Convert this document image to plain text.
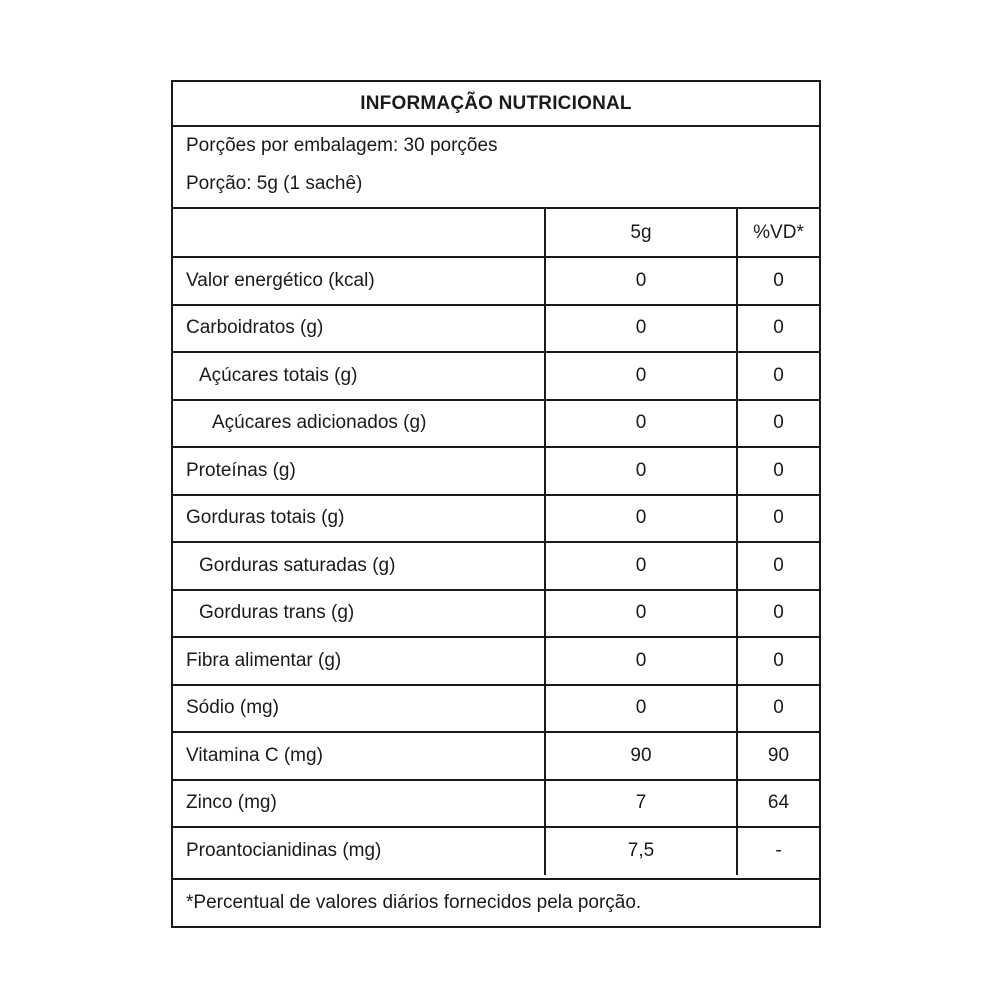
INFORMAÇÃO NUTRICIONAL
Porções por embalagem: 30 porções
Porção: 5g (1 sachê)
	5g	%VD*
Valor energético (kcal)	0	0
Carboidratos (g)	0	0
Açúcares totais (g)	0	0
Açúcares adicionados (g)	0	0
Proteínas (g)	0	0
Gorduras totais (g)	0	0
Gorduras saturadas (g)	0	0
Gorduras trans (g)	0	0
Fibra alimentar (g)	0	0
Sódio (mg)	0	0
Vitamina C (mg)	90	90
Zinco (mg)	7	64
Proantocianidinas (mg)	7,5	-
*Percentual de valores diários fornecidos pela porção.
